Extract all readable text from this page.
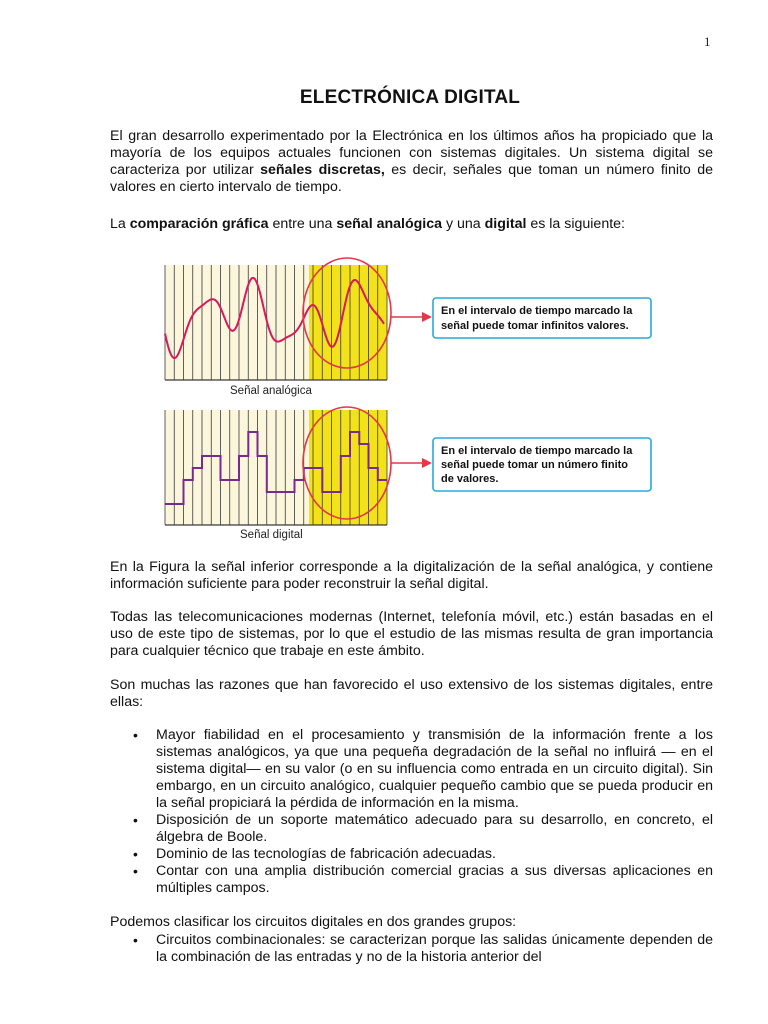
1
ELECTRÓNICA DIGITAL

El gran desarrollo experimentado por la Electrónica en los últimos años ha propiciado que la mayoría de los equipos actuales funcionen con sistemas digitales. Un sistema digital se caracteriza por utilizar señales discretas, es decir, señales que toman un número finito de valores en cierto intervalo de tiempo.

La comparación gráfica entre una señal analógica y una digital es la siguiente:

Señal analógica
Señal digital
En el intervalo de tiempo marcado la
señal puede tomar infinitos valores.
En el intervalo de tiempo marcado la
señal puede tomar un número finito
de valores.

En la Figura la señal inferior corresponde a la digitalización de la señal analógica, y contiene información suficiente para poder reconstruir la señal digital.

Todas las telecomunicaciones modernas (Internet, telefonía móvil, etc.) están basadas en el uso de este tipo de sistemas, por lo que el estudio de las mismas resulta de gran importancia para cualquier técnico que trabaje en este ámbito.

Son muchas las razones que han favorecido el uso extensivo de los sistemas digitales, entre ellas:

• Mayor fiabilidad en el procesamiento y transmisión de la información frente a los sistemas analógicos, ya que una pequeña degradación de la señal no influirá — en el sistema digital— en su valor (o en su influencia como entrada en un circuito digital). Sin embargo, en un circuito analógico, cualquier pequeño cambio que se pueda producir en la señal propiciará la pérdida de información en la misma.
• Disposición de un soporte matemático adecuado para su desarrollo, en concreto, el álgebra de Boole.
• Dominio de las tecnologías de fabricación adecuadas.
• Contar con una amplia distribución comercial gracias a sus diversas aplicaciones en múltiples campos.

Podemos clasificar los circuitos digitales en dos grandes grupos:

• Circuitos combinacionales: se caracterizan porque las salidas únicamente dependen de la combinación de las entradas y no de la historia anterior del
